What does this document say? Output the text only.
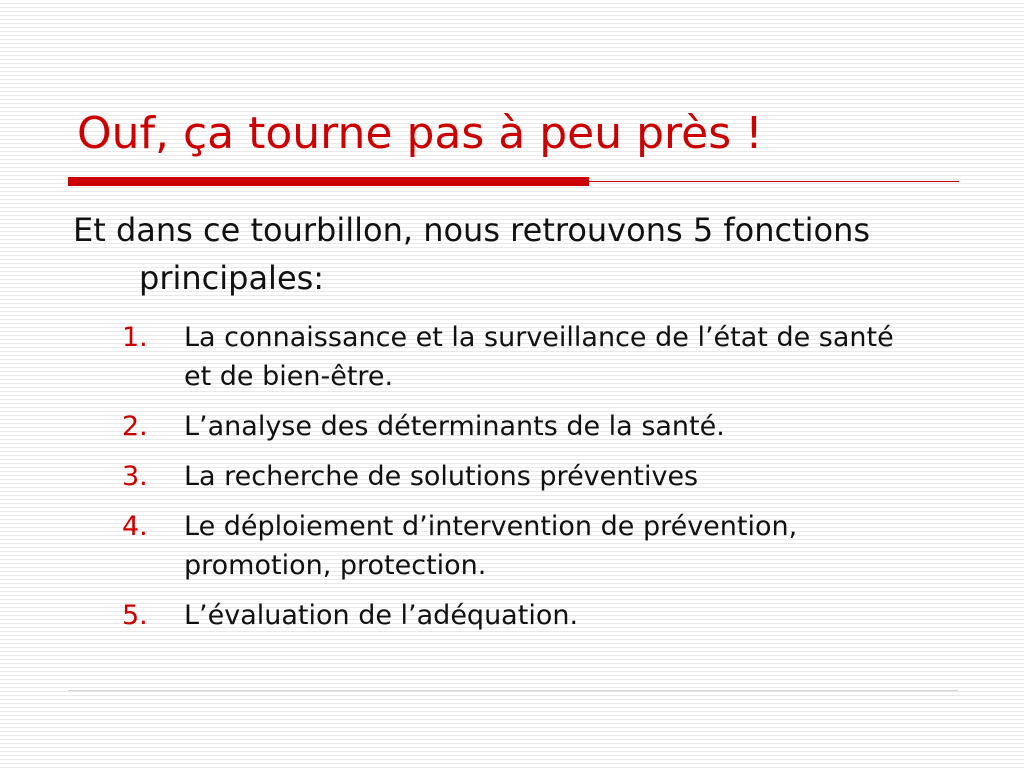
Ouf, ça tourne pas à peu près !

Et dans ce tourbillon, nous retrouvons 5 fonctions principales:

1.	La connaissance et la surveillance de l’état de santé et de bien-être.
2.	L’analyse des déterminants de la santé.
3.	La recherche de solutions préventives
4.	Le déploiement d’intervention de prévention, promotion, protection.
5.	L’évaluation de l’adéquation.
